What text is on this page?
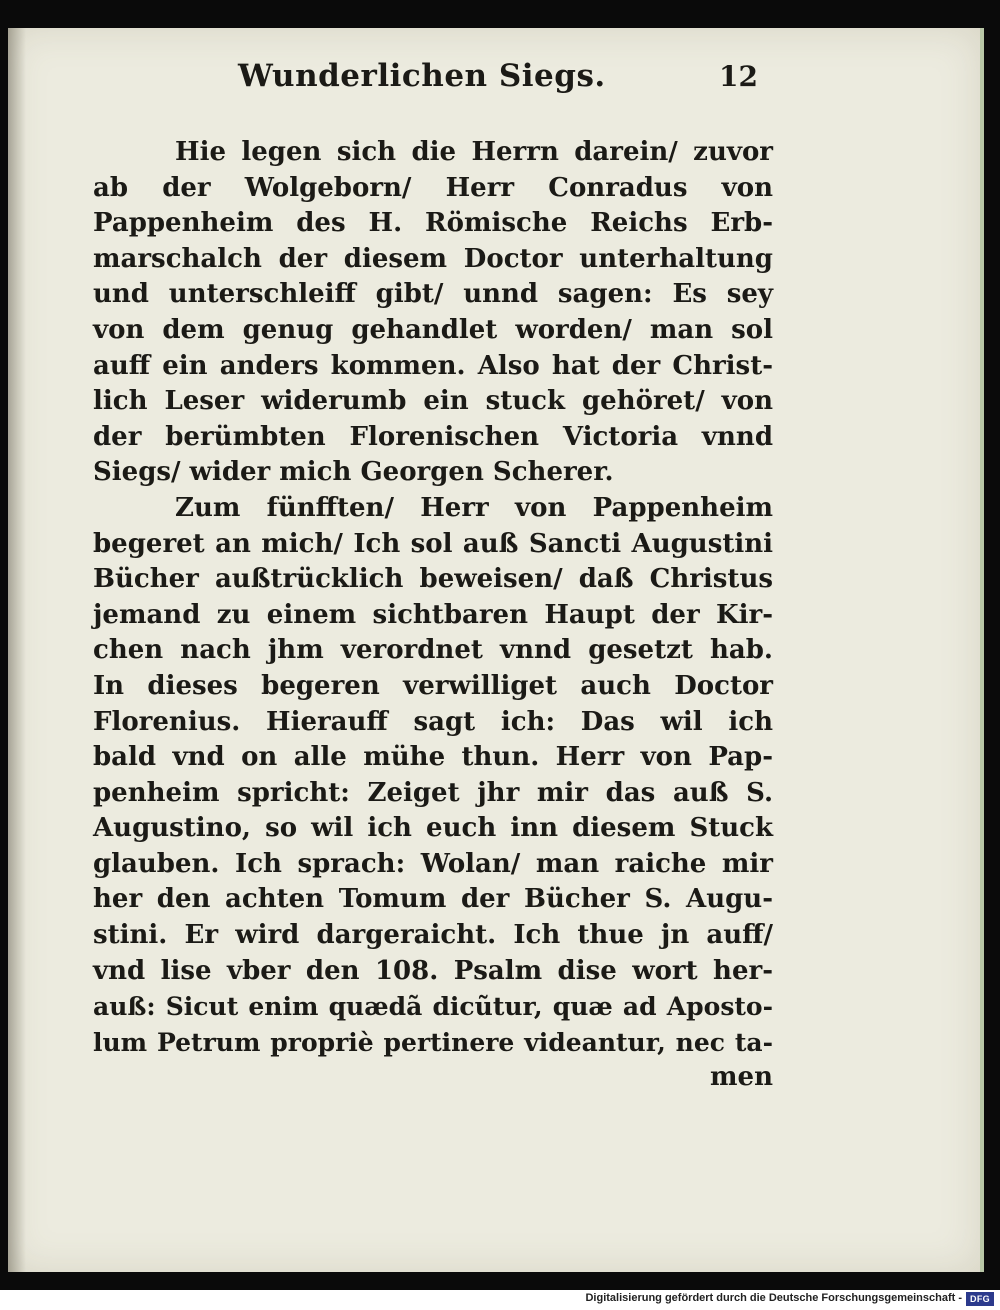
Wunderlichen Siegs.	12
Hie legen sich die Herrn darein/ zuvor
ab der Wolgeborn/ Herr Conradus von
Pappenheim des H. Römische Reichs Erb-
marschalch der diesem Doctor unterhaltung
und unterschleiff gibt/ unnd sagen: Es sey
von dem genug gehandlet worden/ man sol
auff ein anders kommen. Also hat der Christ-
lich Leser widerumb ein stuck gehöret/ von
der berümbten Florenischen Victoria vnnd
Siegs/ wider mich Georgen Scherer.
Zum fünfften/ Herr von Pappenheim
begeret an mich/ Ich sol auß Sancti Augustini
Bücher außtrücklich beweisen/ daß Christus
jemand zu einem sichtbaren Haupt der Kir-
chen nach jhm verordnet vnnd gesetzt hab.
In dieses begeren verwilliget auch Doctor
Florenius. Hierauff sagt ich: Das wil ich
bald vnd on alle mühe thun. Herr von Pap-
penheim spricht: Zeiget jhr mir das auß S.
Augustino, so wil ich euch inn diesem Stuck
glauben. Ich sprach: Wolan/ man raiche mir
her den achten Tomum der Bücher S. Augu-
stini. Er wird dargeraicht. Ich thue jn auff/
vnd lise vber den 108. Psalm dise wort her-
auß: Sicut enim quædã dicũtur, quæ ad Aposto-
lum Petrum propriè pertinere videantur, nec ta-
men
Digitalisierung gefördert durch die Deutsche Forschungsgemeinschaft - DFG
